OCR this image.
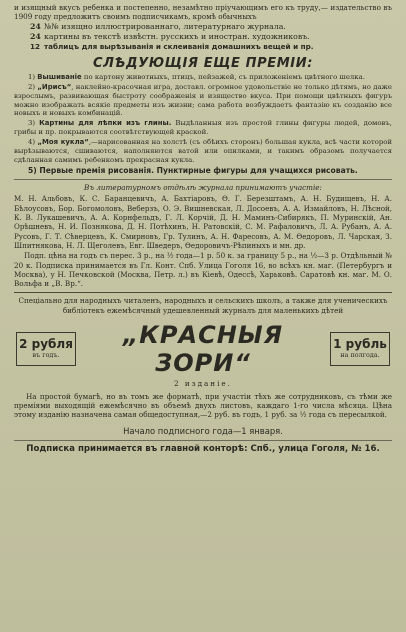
и изящный вкусъ ребенка и постепенно, незамѣтно пріучающимъ его къ труду,— издательство въ 1909 году предложитъ своимъ подписчикамъ, кромѣ обычныхъ

24 №№ изящно иллюстрированнаго, литературнаго журнала.
24 картины въ текстѣ извѣстн. русскихъ и иностран. художниковъ.
12 таблицъ для вырѣзыванія и склеиванія домашнихъ вещей и пр.
СЛѢДУЮЩІЯ ЕЩЕ ПРЕМІИ:

1) Вышиваніе по картону животныхъ, птицъ, пейзажей, съ приложеніемъ цвѣтного шелка.

2) „Ирисъ“, наклейно-красочная игра, доставл. огромное удовольствіе не только дѣтямъ, но даже взрослымъ, развивающая быстроту соображенія и изящество вкуса. При помощи цвѣтныхъ фигуръ можно изображать всякіе предметы изъ жизни; сама работа возбуждаетъ фантазію къ созданію все новыхъ и новыхъ комбинацій.

3) Картины для лѣпки изъ глины. Выдѣланныя изъ простой глины фигуры людей, домовъ, грибы и пр. покрываются соотвѣтствующей краской.

4) „Моя кукла“,—нарисованная на холстѣ (съ обѣихъ сторонъ) большая кукла, всѣ части которой вырѣзываются, сшиваются, наполняются ватой или опилками, и такимъ образомъ получается сдѣланная самимъ ребенкомъ прекрасная кукла.

5) Первые премія рисованія. Пунктирные фигуры для учащихся рисовать.

Въ литературномъ отдѣлѣ журнала принимаютъ участіе:

М. Н. Альбовъ, К. С. Баранцевичъ, А. Бахтіаровъ, Ѳ. Г. Березштамъ, А. Н. Будищевъ, Н. А. Бѣлоусовъ, Бор. Богомоловъ, Веберзъ, О. Э. Вишневская, Л. Досоевъ, А. А. Измайловъ, Н. Лѣсной, К. В. Лукашевичъ, А. А. Корнфельдъ, Г. Л. Корчій, Д. Н. Маминъ-Сибирякъ, П. Муринскій, Ан. Орѣшневъ, Н. И. Познякова, Д. Н. Потѣхинъ, Н. Ратовскій, С. М. Рафаловичъ, Л. А. Рубанъ, А. А. Русовъ, Г. Т. Сѣверцевъ, К. Смирновъ, Гр. Тулинъ, А. Н. Фаресовъ, А. М. Ѳедоровъ, Л. Чарская, З. Шпитнякова, Н. Л. Щеголевъ, Евг. Шведеръ, Ѳедоровичъ-Рѣпиныхъ и мн. др.

Подп. цѣна на годъ съ перес. 3 р., на ½ года—1 р. 50 к. за границу 5 р., на ½—3 р. Отдѣльный № 20 к. Подписка принимается въ Гл. Конт. Спб. Улица Гоголя 16, во всѣхъ кн. маг. (Петербургъ и Москва), у Н. Печковской (Москва, Петр. л.) въ Кіевѣ, Одессѣ, Харьковѣ. Саратовѣ кн. маг. М. О. Вольфа и „В. Вр.“.

Спеціально для народныхъ читаленъ, народныхъ и сельскихъ школъ, а также для ученическихъ библіотекъ ежемѣсячный удешевленный журналъ для маленькихъ дѣтей

2 рубля
въ годъ.
„КРАСНЫЯ ЗОРИ“
1 рубль
на полгода.

2 изданіе.

На простой бумагѣ, но въ томъ же форматѣ, при участіи тѣхъ же сотрудниковъ, съ тѣми же преміями выходящій ежемѣсячно въ объемѣ двухъ листовъ, каждаго 1-го числа мѣсяца. Цѣна этому изданію назначена самая общедоступная,—2 руб. въ годъ, 1 руб. за ½ года съ пересылкой.

Начало подписного года—1 января.

Подписка принимается въ главной конторѣ: Спб., улица Гоголя, № 16.
